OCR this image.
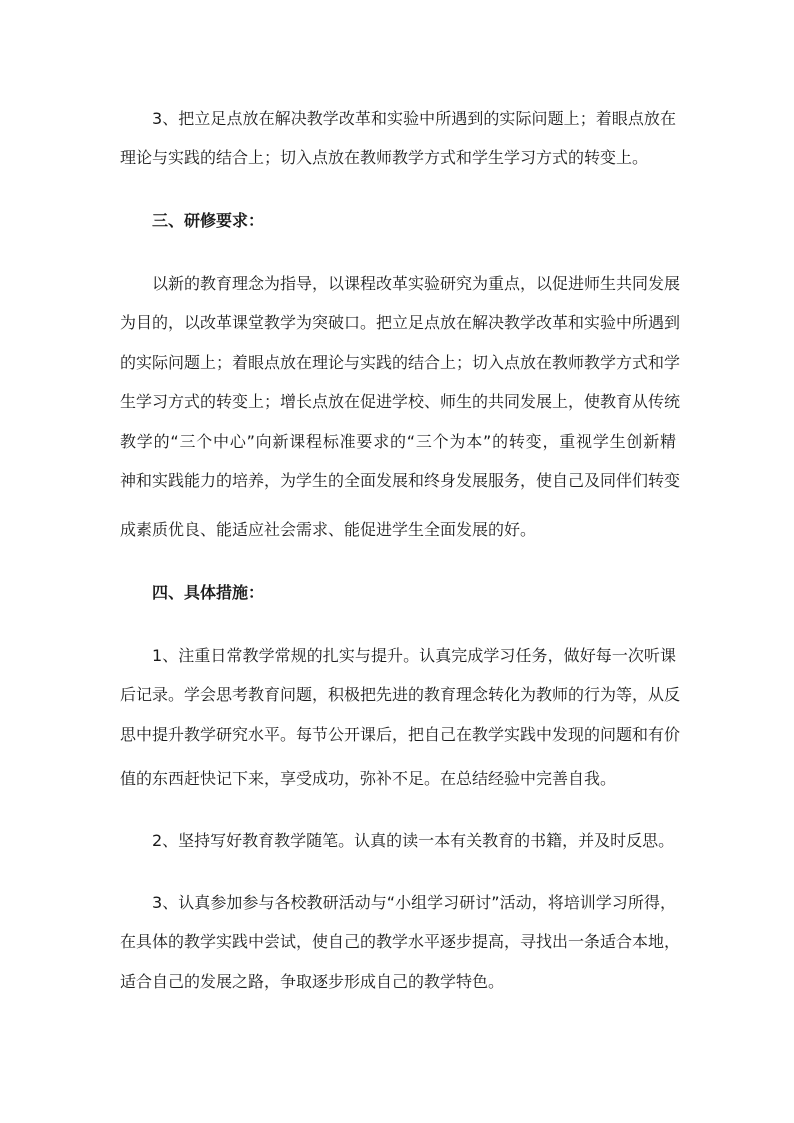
3、把立足点放在解决教学改革和实验中所遇到的实际问题上；着眼点放在
理论与实践的结合上；切入点放在教师教学方式和学生学习方式的转变上。
三、研修要求：
以新的教育理念为指导，以课程改革实验研究为重点，以促进师生共同发展
为目的，以改革课堂教学为突破口。把立足点放在解决教学改革和实验中所遇到
的实际问题上；着眼点放在理论与实践的结合上；切入点放在教师教学方式和学
生学习方式的转变上；增长点放在促进学校、师生的共同发展上，使教育从传统
教学的“三个中心”向新课程标准要求的“三个为本”的转变，重视学生创新精
神和实践能力的培养，为学生的全面发展和终身发展服务，使自己及同伴们转变
成素质优良、能适应社会需求、能促进学生全面发展的好。
四、具体措施：
1、注重日常教学常规的扎实与提升。认真完成学习任务，做好每一次听课
后记录。学会思考教育问题，积极把先进的教育理念转化为教师的行为等，从反
思中提升教学研究水平。每节公开课后，把自己在教学实践中发现的问题和有价
值的东西赶快记下来，享受成功，弥补不足。在总结经验中完善自我。
2、坚持写好教育教学随笔。认真的读一本有关教育的书籍，并及时反思。
3、认真参加参与各校教研活动与“小组学习研讨”活动，将培训学习所得，
在具体的教学实践中尝试，使自己的教学水平逐步提高，寻找出一条适合本地，
适合自己的发展之路，争取逐步形成自己的教学特色。
